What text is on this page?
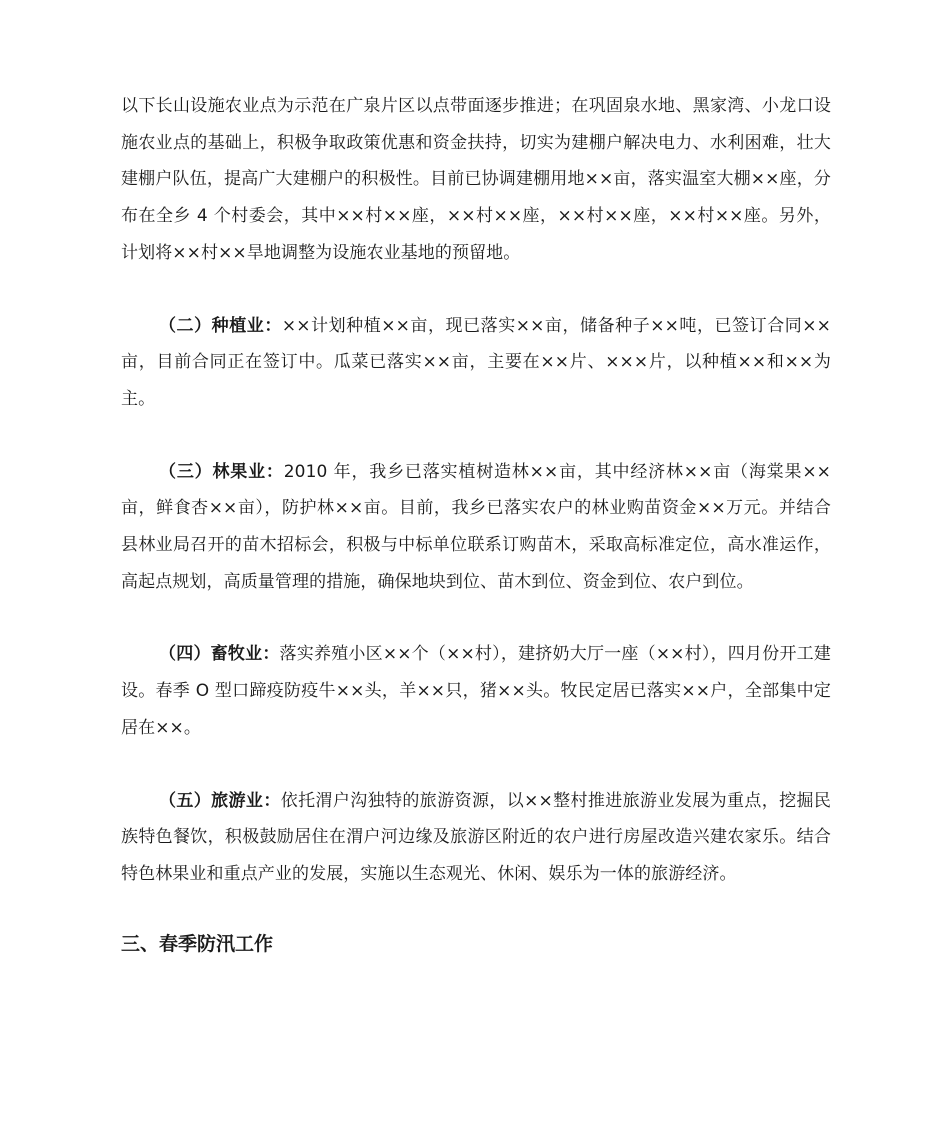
以下长山设施农业点为示范在广泉片区以点带面逐步推进；在巩固泉水地、黑家湾、小龙口设施农业点的基础上，积极争取政策优惠和资金扶持，切实为建棚户解决电力、水利困难，壮大建棚户队伍，提高广大建棚户的积极性。目前已协调建棚用地××亩，落实温室大棚××座，分布在全乡 4 个村委会，其中××村××座，××村××座，××村××座，××村××座。另外，计划将××村××旱地调整为设施农业基地的预留地。

（二）种植业：××计划种植××亩，现已落实××亩，储备种子××吨，已签订合同××亩，目前合同正在签订中。瓜菜已落实××亩，主要在××片、×××片，以种植××和××为主。

（三）林果业：2010 年，我乡已落实植树造林××亩，其中经济林××亩（海棠果××亩，鲜食杏××亩），防护林××亩。目前，我乡已落实农户的林业购苗资金××万元。并结合县林业局召开的苗木招标会，积极与中标单位联系订购苗木，采取高标准定位，高水准运作，高起点规划，高质量管理的措施，确保地块到位、苗木到位、资金到位、农户到位。

（四）畜牧业：落实养殖小区××个（××村），建挤奶大厅一座（××村），四月份开工建设。春季 O 型口蹄疫防疫牛××头，羊××只，猪××头。牧民定居已落实××户，全部集中定居在××。

（五）旅游业：依托渭户沟独特的旅游资源，以××整村推进旅游业发展为重点，挖掘民族特色餐饮，积极鼓励居住在渭户河边缘及旅游区附近的农户进行房屋改造兴建农家乐。结合特色林果业和重点产业的发展，实施以生态观光、休闲、娱乐为一体的旅游经济。

三、春季防汛工作
